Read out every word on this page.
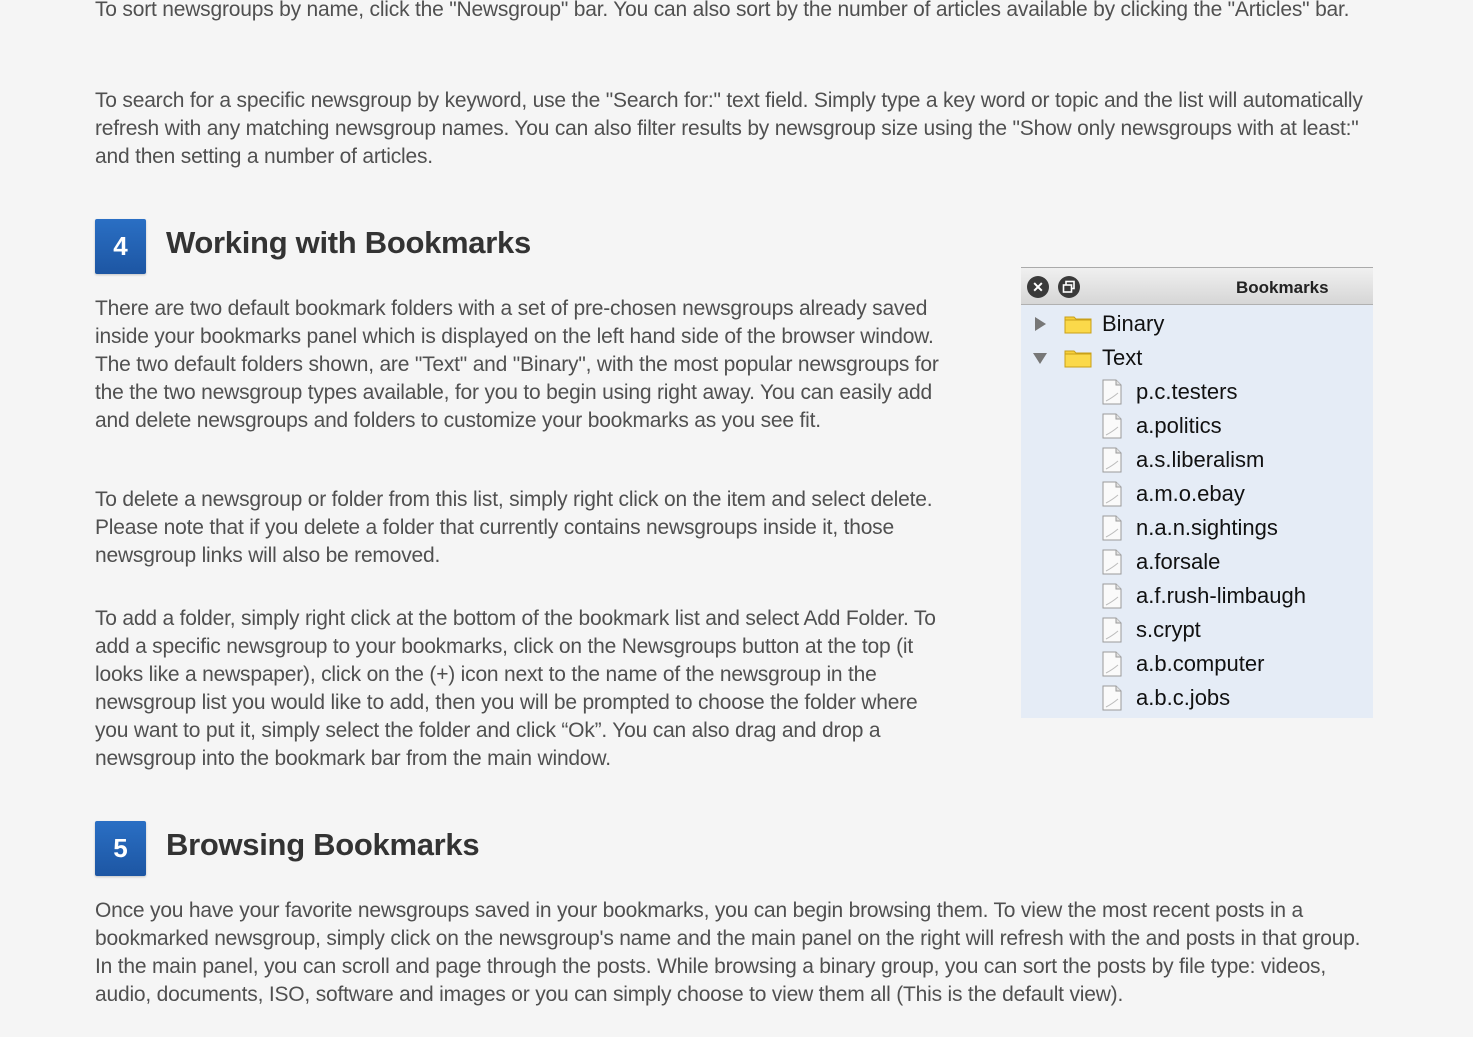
To sort newsgroups by name, click the "Newsgroup" bar. You can also sort by the number of articles available by clicking the "Articles" bar.

To search for a specific newsgroup by keyword, use the "Search for:" text field. Simply type a key word or topic and the list will automatically refresh with any matching newsgroup names. You can also filter results by newsgroup size using the "Show only newsgroups with at least:" and then setting a number of articles.

4	Working with Bookmarks

There are two default bookmark folders with a set of pre-chosen newsgroups already saved inside your bookmarks panel which is displayed on the left hand side of the browser window. The two default folders shown, are "Text" and "Binary", with the most popular newsgroups for the the two newsgroup types available, for you to begin using right away. You can easily add and delete newsgroups and folders to customize your bookmarks as you see fit.

To delete a newsgroup or folder from this list, simply right click on the item and select delete. Please note that if you delete a folder that currently contains newsgroups inside it, those newsgroup links will also be removed.

To add a folder, simply right click at the bottom of the bookmark list and select Add Folder. To add a specific newsgroup to your bookmarks, click on the Newsgroups button at the top (it looks like a newspaper), click on the (+) icon next to the name of the newsgroup in the newsgroup list you would like to add, then you will be prompted to choose the folder where you want to put it, simply select the folder and click “Ok”. You can also drag and drop a newsgroup into the bookmark bar from the main window.

✕	Bookmarks
Binary
Text
p.c.testers
a.politics
a.s.liberalism
a.m.o.ebay
n.a.n.sightings
a.forsale
a.f.rush-limbaugh
s.crypt
a.b.computer
a.b.c.jobs
5	Browsing Bookmarks

Once you have your favorite newsgroups saved in your bookmarks, you can begin browsing them. To view the most recent posts in a bookmarked newsgroup, simply click on the newsgroup's name and the main panel on the right will refresh with the and posts in that group. In the main panel, you can scroll and page through the posts. While browsing a binary group, you can sort the posts by file type: videos, audio, documents, ISO, software and images or you can simply choose to view them all (This is the default view).
